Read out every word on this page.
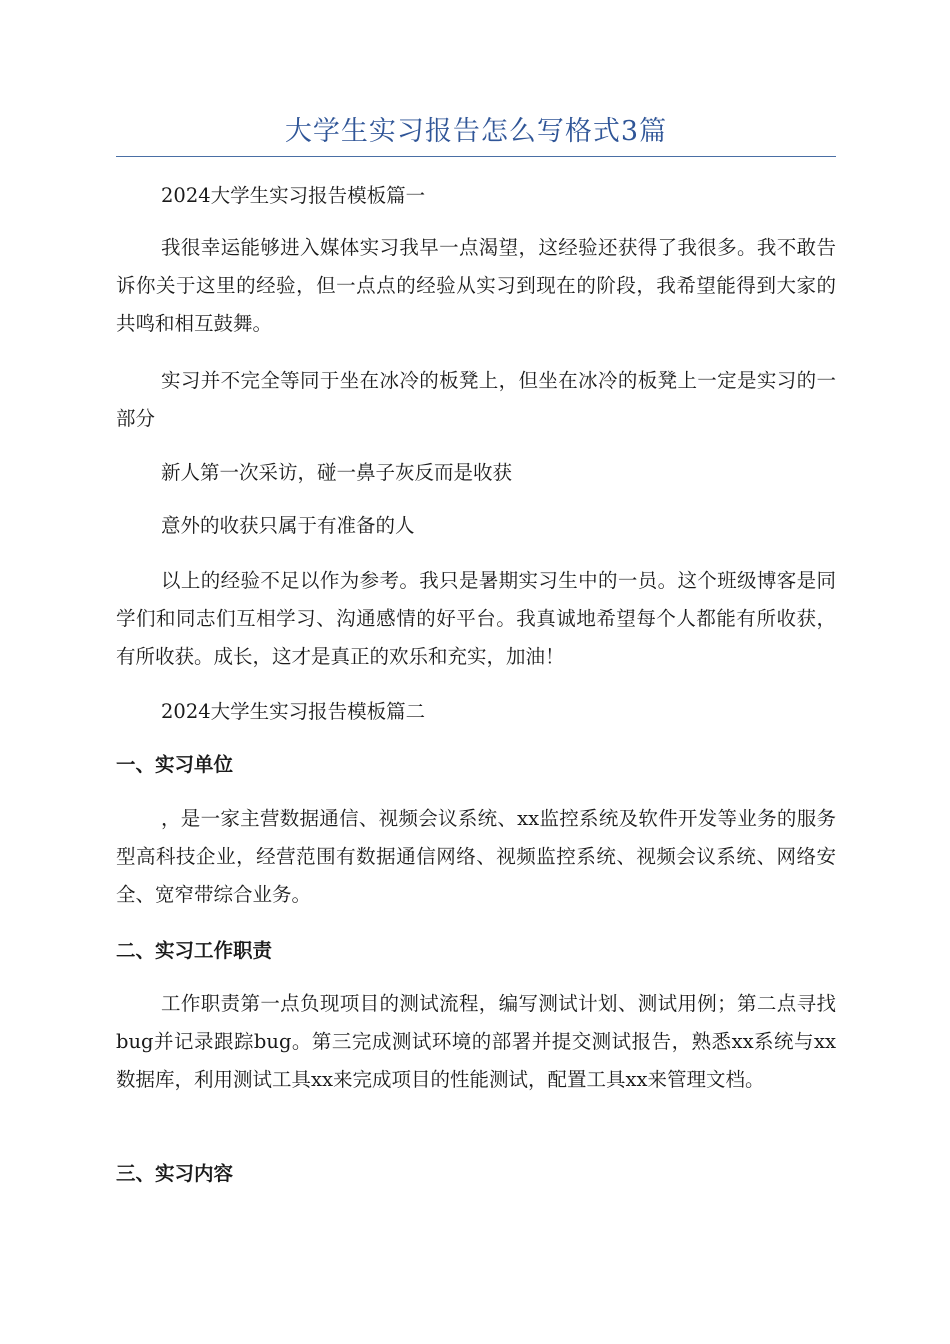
大学生实习报告怎么写格式3篇

2024大学生实习报告模板篇一

我很幸运能够进入媒体实习我早一点渴望，这经验还获得了我很多。我不敢告诉你关于这里的经验，但一点点的经验从实习到现在的阶段，我希望能得到大家的共鸣和相互鼓舞。

实习并不完全等同于坐在冰冷的板凳上，但坐在冰冷的板凳上一定是实习的一部分

新人第一次采访，碰一鼻子灰反而是收获

意外的收获只属于有准备的人

以上的经验不足以作为参考。我只是暑期实习生中的一员。这个班级博客是同学们和同志们互相学习、沟通感情的好平台。我真诚地希望每个人都能有所收获，有所收获。成长，这才是真正的欢乐和充实，加油！

2024大学生实习报告模板篇二

一、实习单位

，是一家主营数据通信、视频会议系统、xx监控系统及软件开发等业务的服务型高科技企业，经营范围有数据通信网络、视频监控系统、视频会议系统、网络安全、宽窄带综合业务。

二、实习工作职责

工作职责第一点负现项目的测试流程，编写测试计划、测试用例；第二点寻找bug并记录跟踪bug。第三完成测试环境的部署并提交测试报告，熟悉xx系统与xx数据库，利用测试工具xx来完成项目的性能测试，配置工具xx来管理文档。

三、实习内容
